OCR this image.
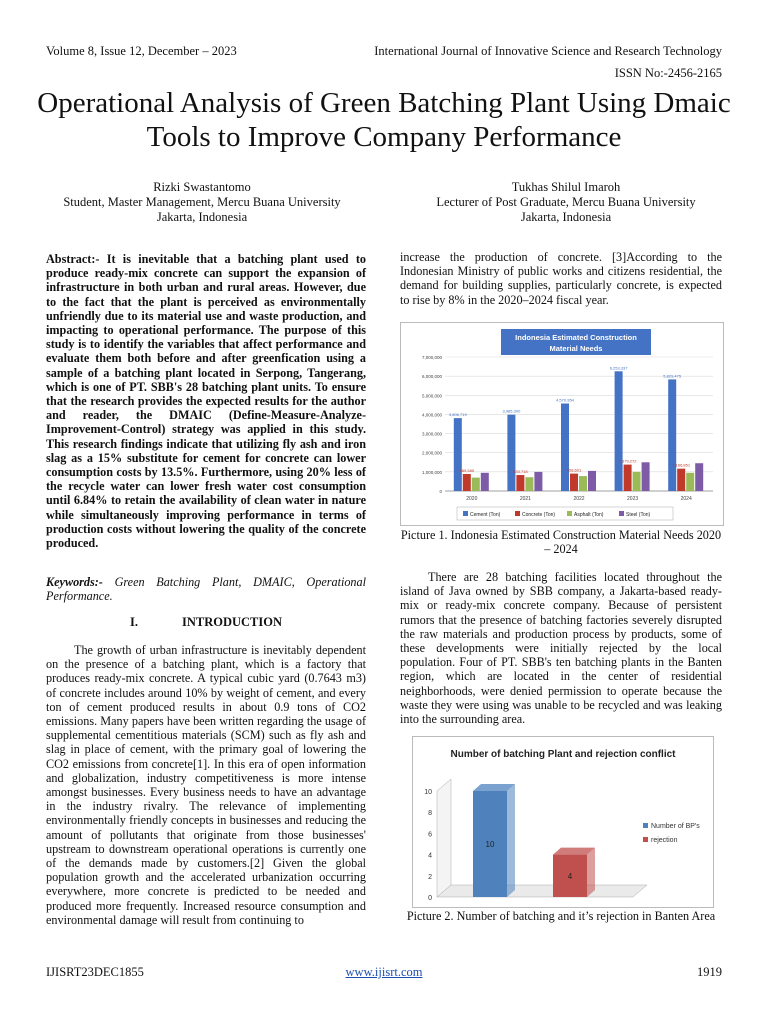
Volume 8, Issue 12, December – 2023	International Journal of Innovative Science and Research Technology
ISSN No:-2456-2165
Operational Analysis of Green Batching Plant Using Dmaic Tools to Improve Company Performance
Rizki Swastantomo
Student, Master Management, Mercu Buana University
Jakarta, Indonesia
Tukhas Shilul Imaroh
Lecturer of Post Graduate, Mercu Buana University
Jakarta, Indonesia
Abstract:- It is inevitable that a batching plant used to produce ready-mix concrete can support the expansion of infrastructure in both urban and rural areas. However, due to the fact that the plant is perceived as environmentally unfriendly due to its material use and waste production, and impacting to operational performance. The purpose of this study is to identify the variables that affect performance and evaluate them both before and after greenfication using a sample of a batching plant located in Serpong, Tangerang, which is one of PT. SBB's 28 batching plant units. To ensure that the research provides the expected results for the author and reader, the DMAIC (Define-Measure-Analyze-Improvement-Control) strategy was applied in this study. This research findings indicate that utilizing fly ash and iron slag as a 15% substitute for cement for concrete can lower consumption costs by 13.5%. Furthermore, using 20% less of the recycle water can lower fresh water cost consumption until 6.84% to retain the availability of clean water in nature while simultaneously improving performance in terms of production costs without lowering the quality of the concrete produced.
Keywords:- Green Batching Plant, DMAIC, Operational Performance.
I.	INTRODUCTION
The growth of urban infrastructure is inevitably dependent on the presence of a batching plant, which is a factory that produces ready-mix concrete. A typical cubic yard (0.7643 m3) of concrete includes around 10% by weight of cement, and every ton of cement produced results in about 0.9 tons of CO2 emissions. Many papers have been written regarding the usage of supplemental cementitious materials (SCM) such as fly ash and slag in place of cement, with the primary goal of lowering the CO2 emissions from concrete[1]. In this era of open information and globalization, industry competitiveness is more intense amongst businesses. Every business needs to have an advantage in the industry rivalry. The relevance of implementing environmentally friendly concepts in businesses and reducing the amount of pollutants that originate from those businesses' upstream to downstream operational operations is currently one of the demands made by customers.[2] Given the global population growth and the accelerated urbanization occurring everywhere, more concrete is predicted to be needed and produced more frequently. Increased resource consumption and environmental damage will result from continuing to
increase the production of concrete. [3]According to the Indonesian Ministry of public works and citizens residential, the demand for building supplies, particularly concrete, is expected to rise by 8% in the 2020–2024 fiscal year.
Indonesia Estimated Construction
Material Needs
0
1,000,000
2,000,000
3,000,000
4,000,000
5,000,000
6,000,000
7,000,000
3,806,719
889,585
2020
3,985,300
833,718
2021
4,570,954
908,601
2022
6,253,337
1,379,272
2023
5,829,475
1,166,851
2024
Cement (Ton)	Concrete (Ton)	Asphalt (Ton)	Steel (Ton)
Picture 1. Indonesia Estimated Construction Material Needs 2020 – 2024
There are 28 batching facilities located throughout the island of Java owned by SBB company, a Jakarta-based ready-mix or ready-mix concrete company. Because of persistent rumors that the presence of batching factories severely disrupted the raw materials and production process by products, some of these developments were initially rejected by the local population. Four of PT. SBB's ten batching plants in the Banten region, which are located in the center of residential neighborhoods, were denied permission to operate because the waste they were using was unable to be recycled and was leaking into the surrounding area.
Number of batching Plant and rejection conflict
0
2
4
6
8
10
10
4
Number of BP's
rejection
Picture 2. Number of batching and it’s rejection in Banten Area
IJISRT23DEC1855	www.ijisrt.com	1919
